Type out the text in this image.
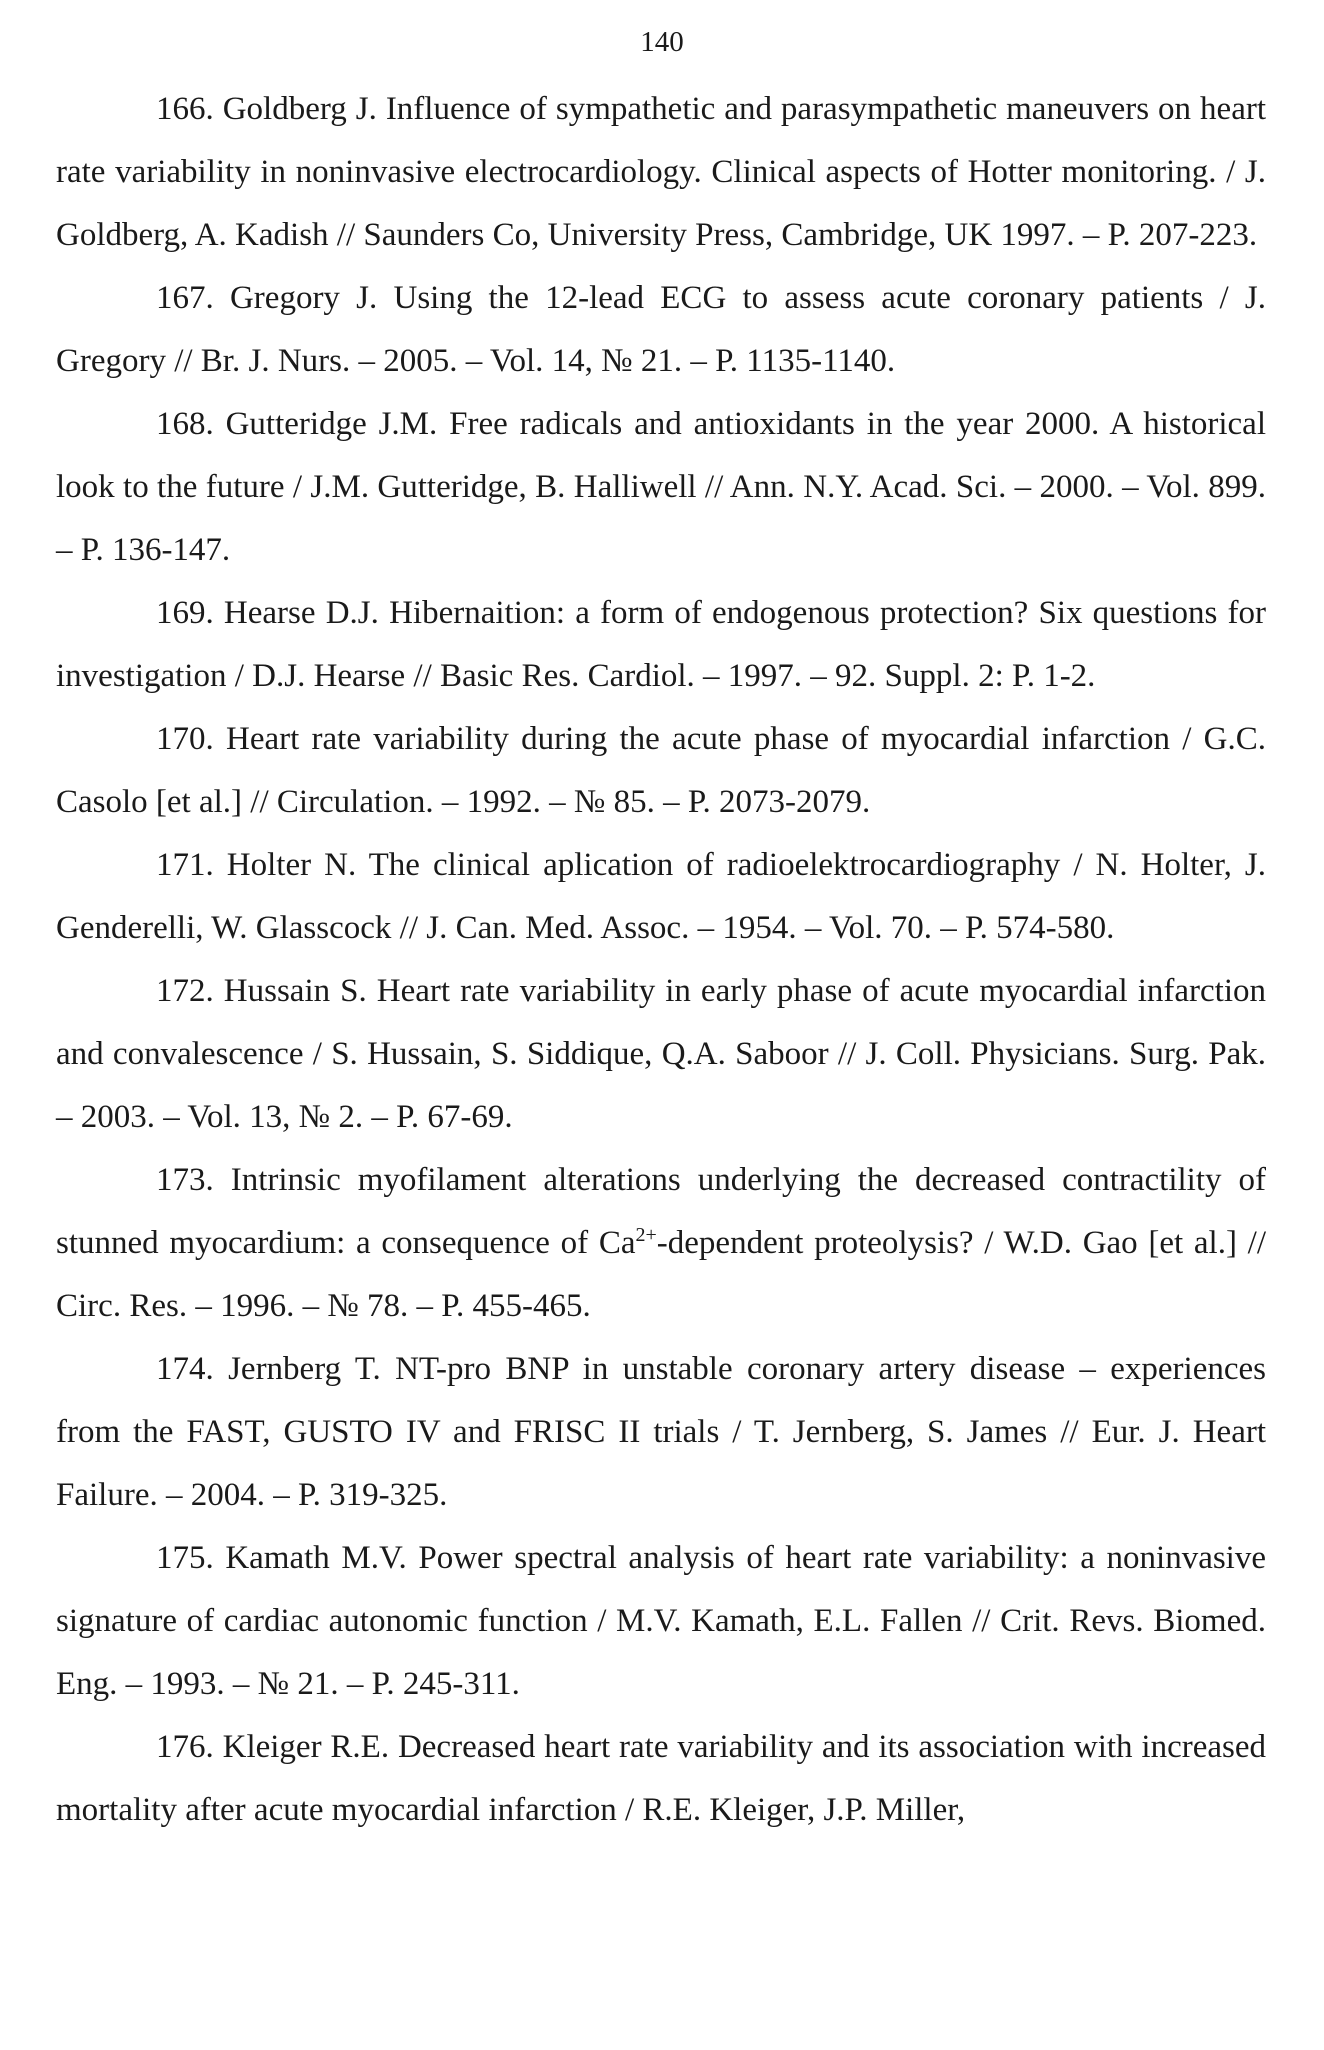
140

166. Goldberg J. Influence of sympathetic and parasympathetic maneuvers on heart rate variability in noninvasive electrocardiology. Clinical aspects of Hotter monitoring. / J. Goldberg, A. Kadish // Saunders Co, University Press, Cambridge, UK 1997. – P. 207-223.

167. Gregory J. Using the 12-lead ECG to assess acute coronary patients / J. Gregory // Br. J. Nurs. – 2005. – Vol. 14, № 21. – P. 1135-1140.

168. Gutteridge J.M. Free radicals and antioxidants in the year 2000. A historical look to the future / J.M. Gutteridge, B. Halliwell // Ann. N.Y. Acad. Sci. – 2000. – Vol. 899. – P. 136-147.

169. Hearse D.J. Hibernaition: a form of endogenous protection? Six questions for investigation / D.J. Hearse // Basic Res. Cardiol. – 1997. – 92. Suppl. 2: P. 1-2.

170. Heart rate variability during the acute phase of myocardial infarction / G.C. Casolo [et al.] // Circulation. – 1992. – № 85. – P. 2073-2079.

171. Holter N. The clinical aplication of radioelektrocardiography / N. Holter, J. Genderelli, W. Glasscock // J. Can. Med. Assoc. – 1954. – Vol. 70. – P. 574-580.

172. Hussain S. Heart rate variability in early phase of acute myocardial infarction and convalescence / S. Hussain, S. Siddique, Q.A. Saboor // J. Coll. Physicians. Surg. Pak. – 2003. – Vol. 13, № 2. – P. 67-69.

173. Intrinsic myofilament alterations underlying the decreased contractility of stunned myocardium: a consequence of $Ca^{2+}$-dependent proteolysis? / W.D. Gao [et al.] // Circ. Res. – 1996. – № 78. – P. 455-465.

174. Jernberg T. NT-pro BNP in unstable coronary artery disease – experiences from the FAST, GUSTO IV and FRISC II trials / T. Jernberg, S. James // Eur. J. Heart Failure. – 2004. – P. 319-325.

175. Kamath M.V. Power spectral analysis of heart rate variability: a noninvasive signature of cardiac autonomic function / M.V. Kamath, E.L. Fallen // Crit. Revs. Biomed. Eng. – 1993. – № 21. – P. 245-311.

176. Kleiger R.E. Decreased heart rate variability and its association with increased mortality after acute myocardial infarction / R.E. Kleiger, J.P. Miller,
